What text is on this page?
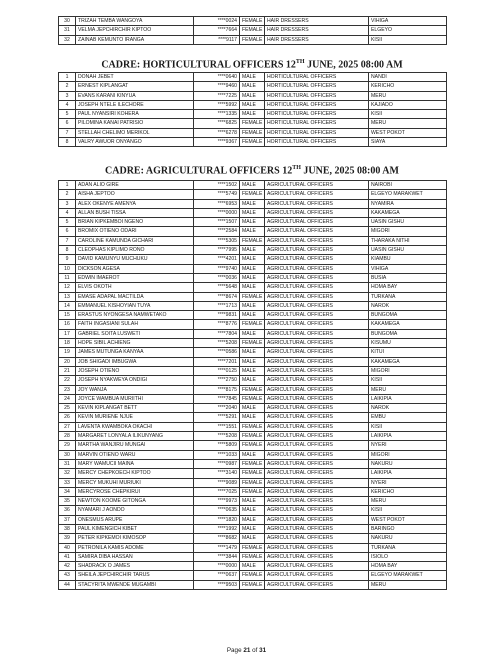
30	TRIZAH TEMBA WANGOYA	****0024	FEMALE	HAIR DRESSERS	VIHIGA
31	VELMA JEPCHIRCHIR KIPTOO	****7664	FEMALE	HAIR DRESSERS	ELGEYO
32	ZAINAB KEMUNTO IRANGA	****9117	FEMALE	HAIR DRESSERS	KISII
CADRE: HORTICULTURAL OFFICERS 12TH JUNE, 2025 08:00 AM
1	DONAH JEBET	****0640	MALE	HORTICULTURAL OFFICERS	NANDI
2	ERNEST KIPLANGAT	****9460	MALE	HORTICULTURAL OFFICERS	KERICHO
3	EVANS KARANI KINYUA	****7225	MALE	HORTICULTURAL OFFICERS	MERU
4	JOSEPH NTELE ILECHORE	****5992	MALE	HORTICULTURAL OFFICERS	KAJIADO
5	PAUL NYANSIRI KOHERA	****1335	MALE	HORTICULTURAL OFFICERS	KISII
6	PILOMINA KANAI PATRISIO	****6825	FEMALE	HORTICULTURAL OFFICERS	MERU
7	STELLAH CHELIMO MERIKOL	****6278	FEMALE	HORTICULTURAL OFFICERS	WEST POKOT
8	VALRY AWUOR ONYANGO	****9367	FEMALE	HORTICULTURAL OFFICERS	SIAYA
CADRE: AGRICULTURAL OFFICERS 12TH JUNE, 2025 08:00 AM
1	ADAN ALIO GIRE	****1502	MALE	AGRICULTURAL OFFICERS	NAIROBI
2	AISHA JEPTOO	****5749	FEMALE	AGRICULTURAL OFFICERS	ELGEYO MARAKWET
3	ALEX OKENYE AMENYA	****6953	MALE	AGRICULTURAL OFFICERS	NYAMIRA
4	ALLAN BUSH TISSA	****0000	MALE	AGRICULTURAL OFFICERS	KAKAMEGA
5	BRIAN KIPKEMBOI NGENO	****1507	MALE	AGRICULTURAL OFFICERS	UASIN GISHU
6	BROMIX OTIENO ODARI	****2584	MALE	AGRICULTURAL OFFICERS	MIGORI
7	CAROLINE KAMUNDA GICHARI	****5305	FEMALE	AGRICULTURAL OFFICERS	THARAKA NITHI
8	CLEOPHAS KIPLIMO RONO	****7995	MALE	AGRICULTURAL OFFICERS	UASIN GISHU
9	DAVID KAMUNYU MUCHUKU	****4201	MALE	AGRICULTURAL OFFICERS	KIAMBU
10	DICKSON AGESA	****9740	MALE	AGRICULTURAL OFFICERS	VIHIGA
11	EDWIN IMAEROT	****0036	MALE	AGRICULTURAL OFFICERS	BUSIA
12	ELVIS OKOTH	****5648	MALE	AGRICULTURAL OFFICERS	HOMA BAY
13	EMASE ADAPAL MACTILDA	****8674	FEMALE	AGRICULTURAL OFFICERS	TURKANA
14	EMMANUEL KISHOYIAN TUYA	****1713	MALE	AGRICULTURAL OFFICERS	NAROK
15	ERASTUS NYONGESA NAMWETAKO	****9831	MALE	AGRICULTURAL OFFICERS	BUNGOMA
16	FAITH INGASIANI SULAH	****8776	FEMALE	AGRICULTURAL OFFICERS	KAKAMEGA
17	GABRIEL SOITA LUSWETI	****7804	MALE	AGRICULTURAL OFFICERS	BUNGOMA
18	HOPE SIBIL ACHIENG	****5208	FEMALE	AGRICULTURAL OFFICERS	KISUMU
19	JAMES MUTUNGA KANYAA	****0586	MALE	AGRICULTURAL OFFICERS	KITUI
20	JOB SHIGADI IMBUGWA	****7201	MALE	AGRICULTURAL OFFICERS	KAKAMEGA
21	JOSEPH OTIENO	****0125	MALE	AGRICULTURAL OFFICERS	MIGORI
22	JOSEPH NYAKWEYA ONDIGI	****2750	MALE	AGRICULTURAL OFFICERS	KISII
23	JOY WANJA	****8175	FEMALE	AGRICULTURAL OFFICERS	MERU
24	JOYCE WAMBUA MURIITHI	****7845	FEMALE	AGRICULTURAL OFFICERS	LAIKIPIA
25	KEVIN KIPLANGAT BETT	****2040	MALE	AGRICULTURAL OFFICERS	NAROK
26	KEVIN MURIENE NJUE	****5291	MALE	AGRICULTURAL OFFICERS	EMBU
27	LAVENTA KWAMBOKA OKACHI	****1551	FEMALE	AGRICULTURAL OFFICERS	KISII
28	MARGARET LONYALA ILIKUNYANG	****5208	FEMALE	AGRICULTURAL OFFICERS	LAIKIPIA
29	MARTHA WANJIRU MUNGAI	****5809	FEMALE	AGRICULTURAL OFFICERS	NYERI
30	MARVIN OTIENO WARU	****1033	MALE	AGRICULTURAL OFFICERS	MIGORI
31	MARY WAMUCII MAINA	****0987	FEMALE	AGRICULTURAL OFFICERS	NAKURU
32	MERCY CHEPKOECH KIPTOO	****3140	FEMALE	AGRICULTURAL OFFICERS	LAIKIPIA
33	MERCY MUKUHI MURIUKI	****9089	FEMALE	AGRICULTURAL OFFICERS	NYERI
34	MERCYROSE CHEPKIRUI	****7025	FEMALE	AGRICULTURAL OFFICERS	KERICHO
35	NEWTON KOOME GITONGA	****9973	MALE	AGRICULTURAL OFFICERS	MERU
36	NYAMARI J AONDO	****0635	MALE	AGRICULTURAL OFFICERS	KISII
37	ONESMUS ARUPE	****1820	MALE	AGRICULTURAL OFFICERS	WEST POKOT
38	PAUL KIMENGICH KIBET	****1992	MALE	AGRICULTURAL OFFICERS	BARINGO
39	PETER KIPKEMOI KIMOSOP	****8682	MALE	AGRICULTURAL OFFICERS	NAKURU
40	PETRONILA KAMIS ADOME	****1479	FEMALE	AGRICULTURAL OFFICERS	TURKANA
41	SAMIRA DIBA HASSAN	****3844	FEMALE	AGRICULTURAL OFFICERS	ISIOLO
42	SHADRACK O JAMES	****0000	MALE	AGRICULTURAL OFFICERS	HOMA BAY
43	SHEILA JEPCHIRCHIR TARUS	****0637	FEMALE	AGRICULTURAL OFFICERS	ELGEYO MARAKWET
44	STACYRITA MWENDE MUGAMBI	****9503	FEMALE	AGRICULTURAL OFFICERS	MERU
Page 21 of 31
